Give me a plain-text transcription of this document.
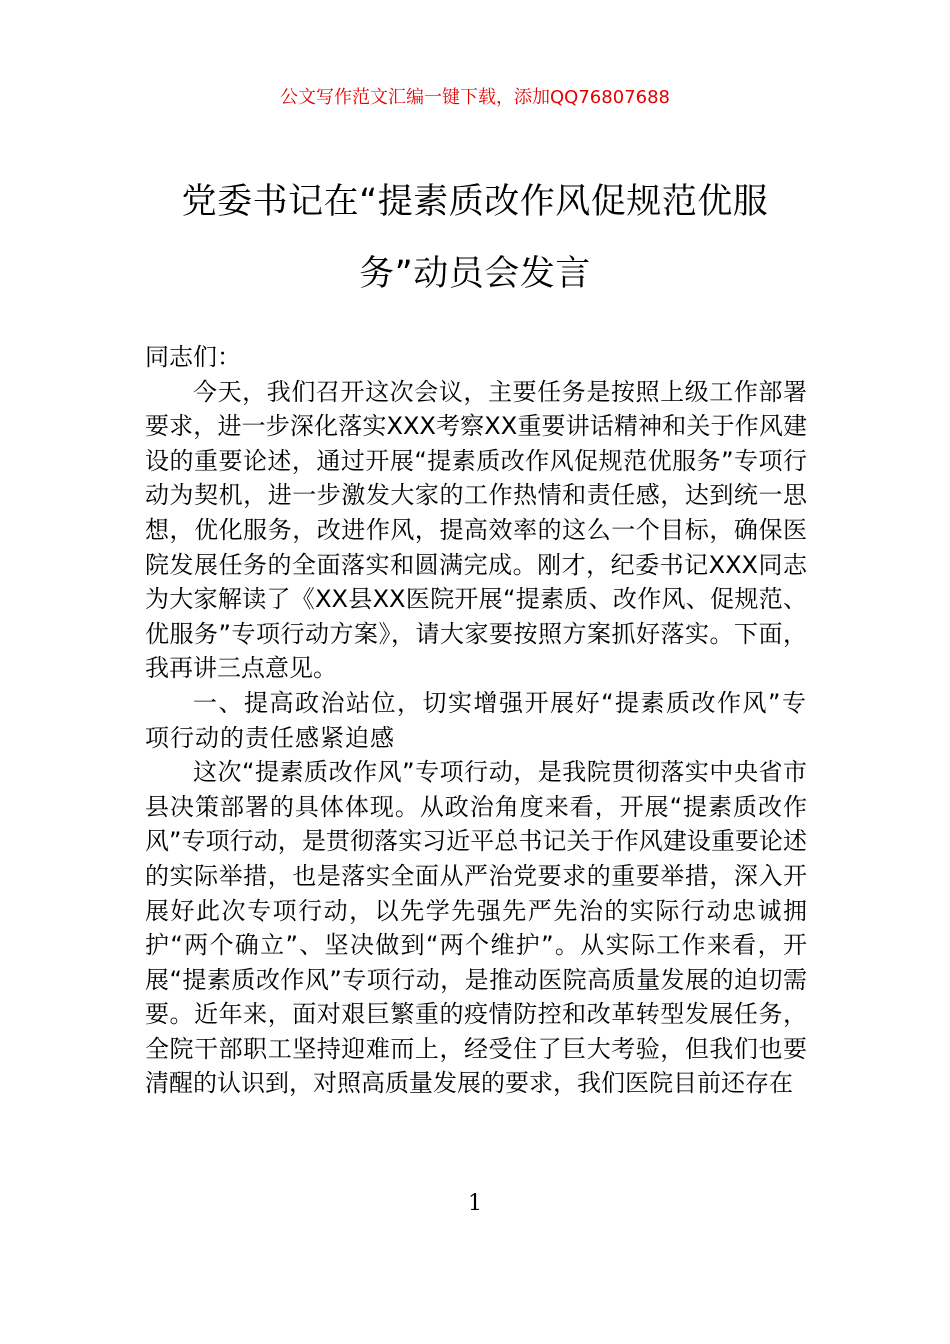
公文写作范文汇编一键下载，添加QQ76807688
党委书记在“提素质改作风促规范优服务”动员会发言

同志们：

今天，我们召开这次会议，主要任务是按照上级工作部署要求，进一步深化落实XXX考察XX重要讲话精神和关于作风建设的重要论述，通过开展“提素质改作风促规范优服务”专项行动为契机，进一步激发大家的工作热情和责任感，达到统一思想，优化服务，改进作风，提高效率的这么一个目标，确保医院发展任务的全面落实和圆满完成。刚才，纪委书记XXX同志为大家解读了《XX县XX医院开展“提素质、改作风、促规范、优服务”专项行动方案》，请大家要按照方案抓好落实。下面，我再讲三点意见。

一、提高政治站位，切实增强开展好“提素质改作风”专项行动的责任感紧迫感

这次“提素质改作风”专项行动，是我院贯彻落实中央省市县决策部署的具体体现。从政治角度来看，开展“提素质改作风”专项行动，是贯彻落实习近平总书记关于作风建设重要论述的实际举措，也是落实全面从严治党要求的重要举措，深入开展好此次专项行动，以先学先强先严先治的实际行动忠诚拥护“两个确立”、坚决做到“两个维护”。从实际工作来看，开展“提素质改作风”专项行动，是推动医院高质量发展的迫切需要。近年来，面对艰巨繁重的疫情防控和改革转型发展任务，全院干部职工坚持迎难而上，经受住了巨大考验，但我们也要清醒的认识到，对照高质量发展的要求，我们医院目前还存在

1
